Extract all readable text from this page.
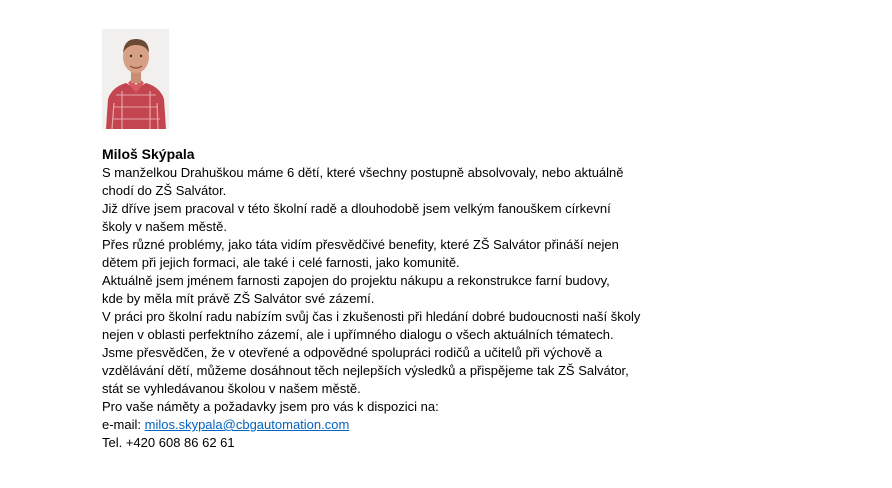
Miloš Skýpala
S manželkou Drahuškou máme 6 dětí, které všechny postupně absolvovaly, nebo aktuálně
chodí do ZŠ Salvátor.
Již dříve jsem pracoval v této školní radě a dlouhodobě jsem velkým fanouškem církevní
školy v našem městě.
Přes různé problémy, jako táta vidím přesvědčivé benefity, které ZŠ Salvátor přináší nejen
dětem při jejich formaci, ale také i celé farnosti, jako komunitě.
Aktuálně jsem jménem farnosti zapojen do projektu nákupu a rekonstrukce farní budovy,
kde by měla mít právě ZŠ Salvátor své zázemí.
V práci pro školní radu nabízím svůj čas i zkušenosti při hledání dobré budoucnosti naší školy
nejen v oblasti perfektního zázemí, ale i upřímného dialogu o všech aktuálních tématech.
Jsme přesvědčen, že v otevřené a odpovědné spolupráci rodičů a učitelů při výchově a
vzdělávání dětí, můžeme dosáhnout těch nejlepších výsledků a přispějeme tak ZŠ Salvátor,
stát se vyhledávanou školou v našem městě.
Pro vaše náměty a požadavky jsem pro vás k dispozici na:
e-mail: milos.skypala@cbgautomation.com
Tel. +420 608 86 62 61
